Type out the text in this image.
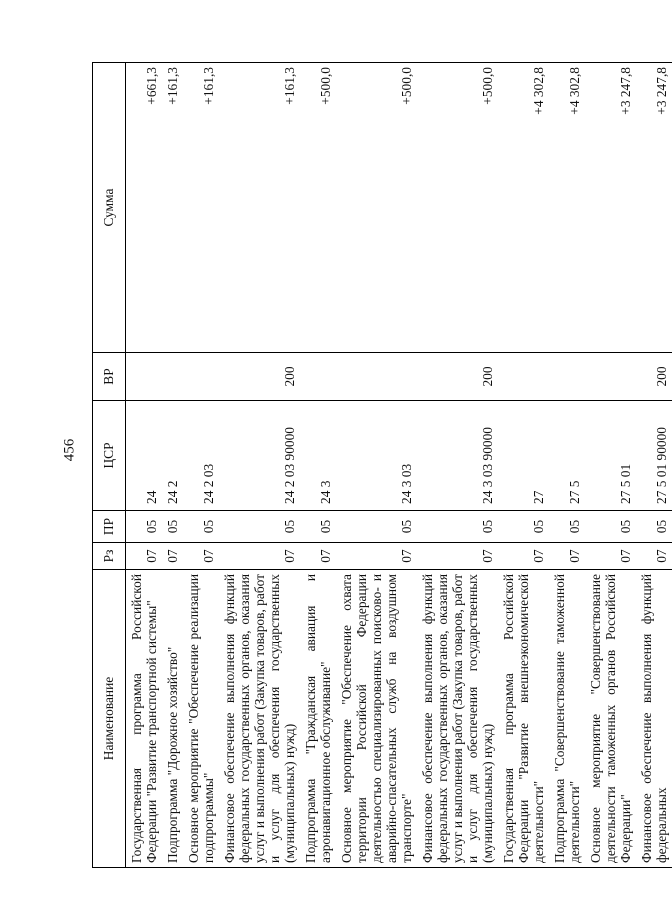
456
Наименование	Рз	ПР	ЦСР	ВР	Сумма
Государственная программа Российской Федерации "Развитие транспортной системы"	07	05	24		+661,3
Подпрограмма "Дорожное хозяйство"	07	05	24 2		+161,3
Основное мероприятие "Обеспечение реализации подпрограммы"	07	05	24 2 03		+161,3
Финансовое обеспечение выполнения функций федеральных государственных органов, оказания услуг и выполнения работ (Закупка товаров, работ и услуг для обеспечения государственных (муниципальных) нужд)	07	05	24 2 03 90000	200	+161,3
Подпрограмма "Гражданская авиация и аэронавигационное обслуживание"	07	05	24 3		+500,0
Основное мероприятие "Обеспечение охвата территории Российской Федерации деятельностью специализированных поисково- и аварийно-спасательных служб на воздушном транспорте"	07	05	24 3 03		+500,0
Финансовое обеспечение выполнения функций федеральных государственных органов, оказания услуг и выполнения работ (Закупка товаров, работ и услуг для обеспечения государственных (муниципальных) нужд)	07	05	24 3 03 90000	200	+500,0
Государственная программа Российской Федерации "Развитие внешнеэкономической деятельности"	07	05	27		+4 302,8
Подпрограмма "Совершенствование таможенной деятельности"	07	05	27 5		+4 302,8
Основное мероприятие "Совершенствование деятельности таможенных органов Российской Федерации"	07	05	27 5 01		+3 247,8
Финансовое обеспечение выполнения функций федеральных	07	05	27 5 01 90000	200	+3 247,8
